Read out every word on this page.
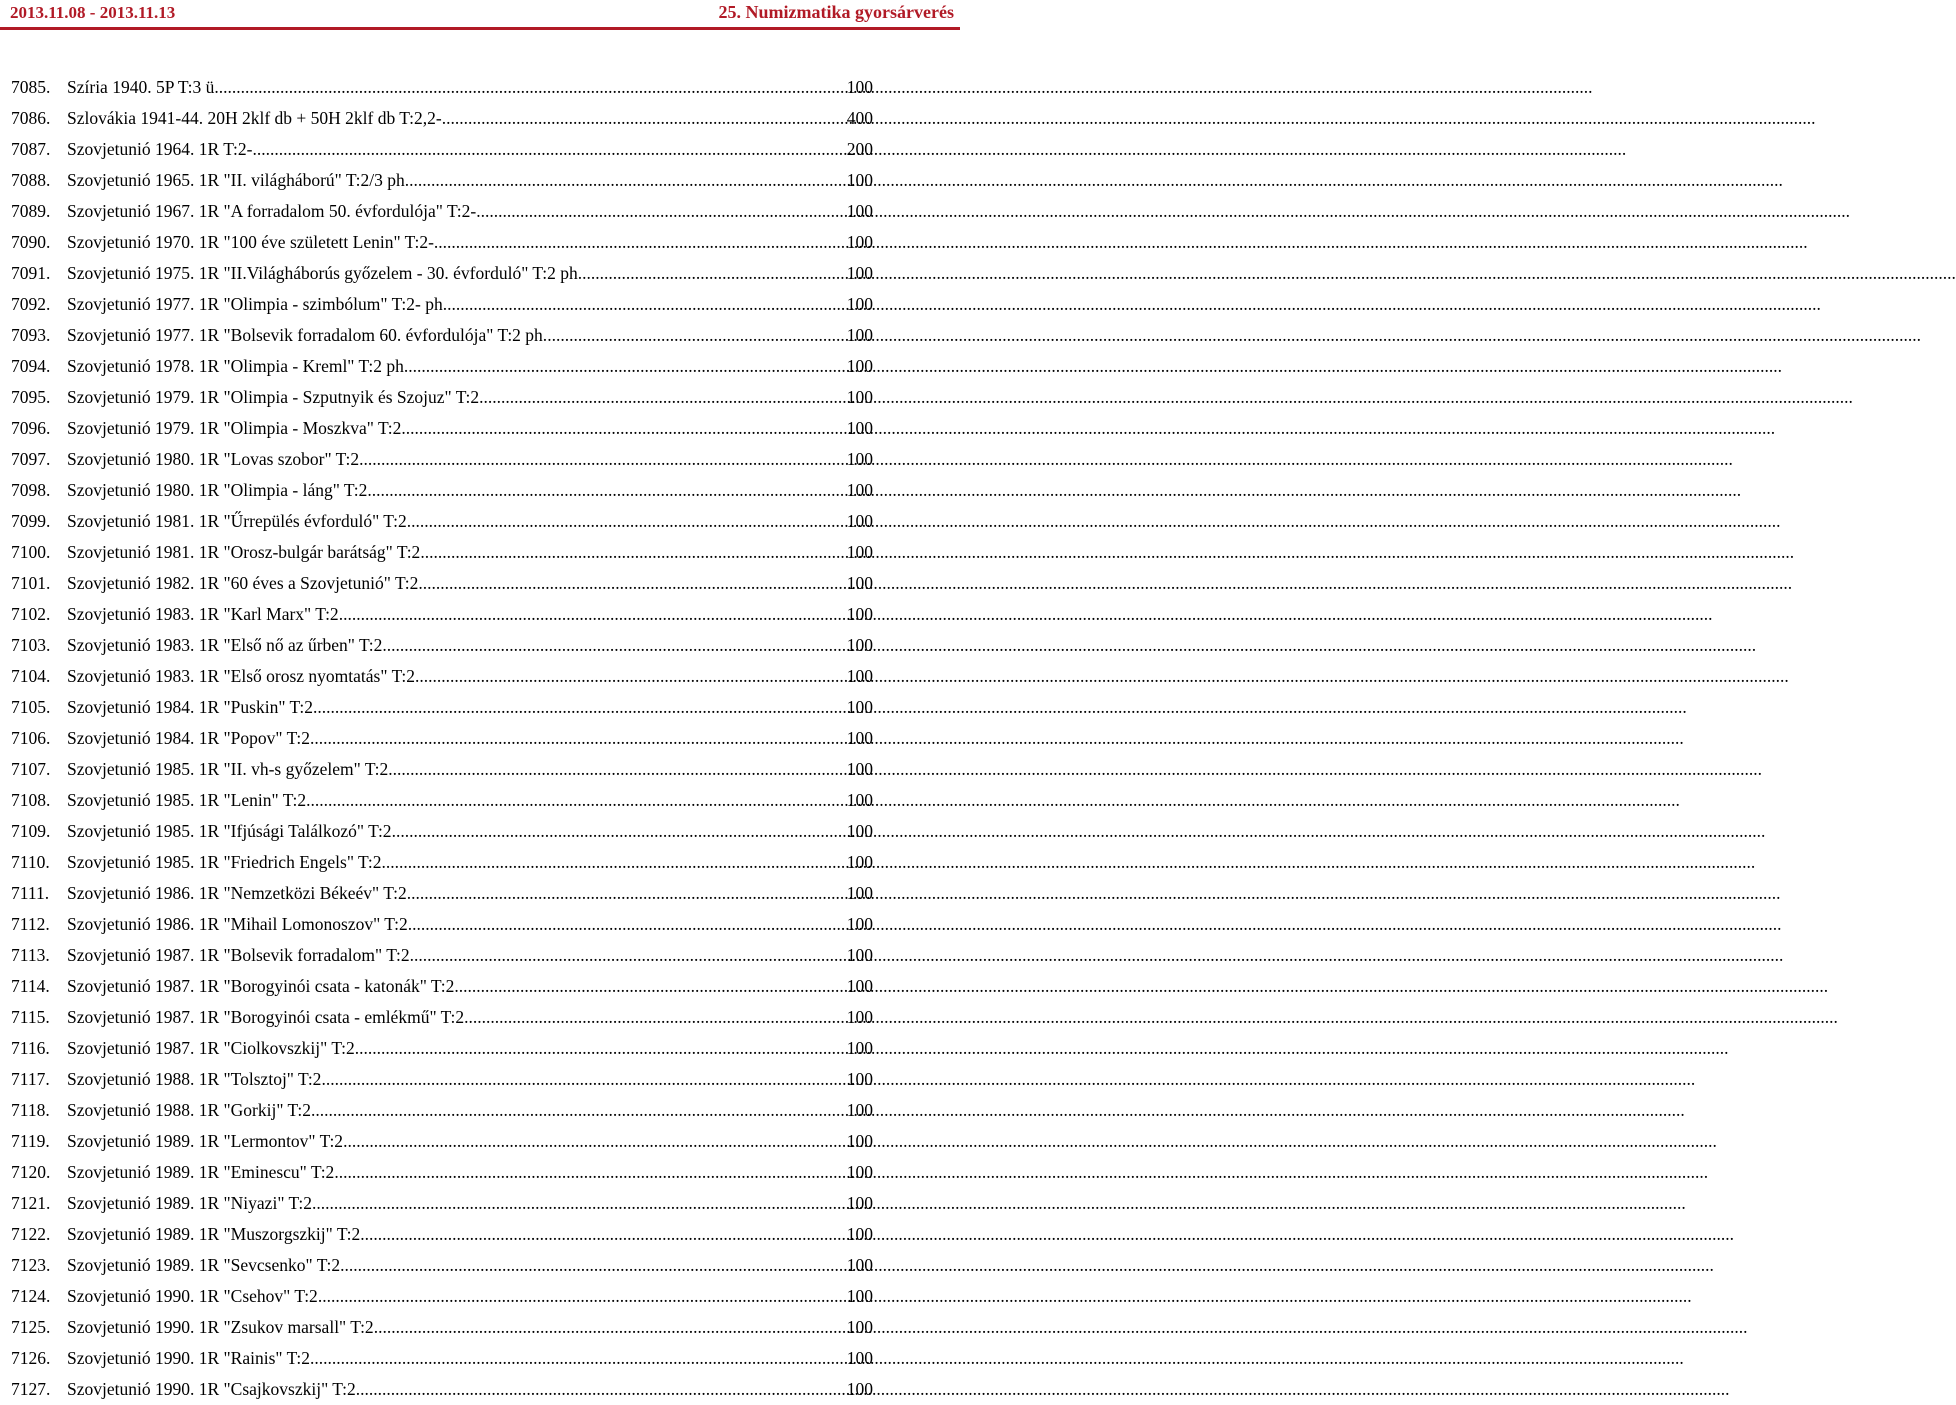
2013.11.08 - 2013.11.13	25. Numizmatika gyorsárverés
7085. Szíria 1940. 5P T:3 ü. .....	100
7086. Szlovákia 1941-44. 20H 2klf db + 50H 2klf db T:2,2- .....	400
7087. Szovjetunió 1964. 1R T:2- .....	200
7088. Szovjetunió 1965. 1R "II. világháború" T:2/3 ph. .....	100
7089. Szovjetunió 1967. 1R "A forradalom 50. évfordulója" T:2- .....	100
7090. Szovjetunió 1970. 1R "100 éve született Lenin" T:2- .....	100
7091. Szovjetunió 1975. 1R "II.Világháborús győzelem - 30. évforduló" T:2 ph. .....	100
7092. Szovjetunió 1977. 1R "Olimpia - szimbólum" T:2- ph. .....	100
7093. Szovjetunió 1977. 1R "Bolsevik forradalom 60. évfordulója" T:2 ph. .....	100
7094. Szovjetunió 1978. 1R "Olimpia - Kreml" T:2 ph. .....	100
7095. Szovjetunió 1979. 1R "Olimpia - Szputnyik és Szojuz" T:2 .....	100
7096. Szovjetunió 1979. 1R "Olimpia - Moszkva" T:2 .....	100
7097. Szovjetunió 1980. 1R "Lovas szobor" T:2 .....	100
7098. Szovjetunió 1980. 1R "Olimpia - láng" T:2 .....	100
7099. Szovjetunió 1981. 1R "Űrrepülés évforduló" T:2 .....	100
7100. Szovjetunió 1981. 1R "Orosz-bulgár barátság" T:2 .....	100
7101. Szovjetunió 1982. 1R "60 éves a Szovjetunió" T:2 .....	100
7102. Szovjetunió 1983. 1R "Karl Marx" T:2 .....	100
7103. Szovjetunió 1983. 1R "Első nő az űrben" T:2 .....	100
7104. Szovjetunió 1983. 1R "Első orosz nyomtatás" T:2 .....	100
7105. Szovjetunió 1984. 1R "Puskin" T:2 .....	100
7106. Szovjetunió 1984. 1R "Popov" T:2 .....	100
7107. Szovjetunió 1985. 1R "II. vh-s győzelem" T:2 .....	100
7108. Szovjetunió 1985. 1R "Lenin" T:2 .....	100
7109. Szovjetunió 1985. 1R "Ifjúsági Találkozó" T:2 .....	100
7110. Szovjetunió 1985. 1R "Friedrich Engels" T:2 .....	100
7111.	Szovjetunió 1986. 1R "Nemzetközi Békeév" T:2 .....	100
7112. Szovjetunió 1986. 1R "Mihail Lomonoszov" T:2 .....	100
7113. Szovjetunió 1987. 1R "Bolsevik forradalom" T:2 .....	100
7114. Szovjetunió 1987. 1R "Borogyinói csata - katonák" T:2 .....	100
7115. Szovjetunió 1987. 1R "Borogyinói csata - emlékmű" T:2 .....	100
7116. Szovjetunió 1987. 1R "Ciolkovszkij" T:2 .....	100
7117. Szovjetunió 1988. 1R "Tolsztoj" T:2 .....	100
7118. Szovjetunió 1988. 1R "Gorkij" T:2 .....	100
7119. Szovjetunió 1989. 1R "Lermontov" T:2 .....	100
7120. Szovjetunió 1989. 1R "Eminescu" T:2 .....	100
7121. Szovjetunió 1989. 1R "Niyazi" T:2 .....	100
7122. Szovjetunió 1989. 1R "Muszorgszkij" T:2 .....	100
7123. Szovjetunió 1989. 1R "Sevcsenko" T:2 .....	100
7124. Szovjetunió 1990. 1R "Csehov" T:2 .....	100
7125. Szovjetunió 1990. 1R "Zsukov marsall" T:2 .....	100
7126. Szovjetunió 1990. 1R "Rainis" T:2 .....	100
7127. Szovjetunió 1990. 1R "Csajkovszkij" T:2 .....	100
